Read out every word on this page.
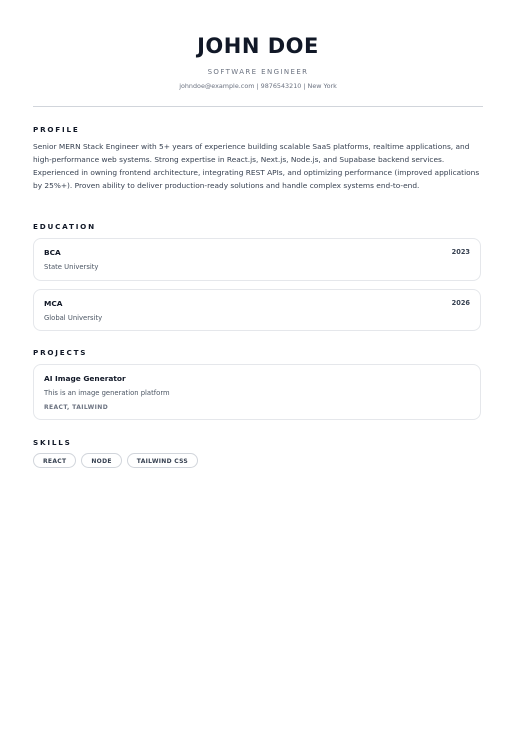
JOHN DOE
SOFTWARE ENGINEER
johndoe@example.com | 9876543210 | New York
PROFILE
Senior MERN Stack Engineer with 5+ years of experience building scalable SaaS platforms, realtime applications, and high-performance web systems. Strong expertise in React.js, Next.js, Node.js, and Supabase backend services. Experienced in owning frontend architecture, integrating REST APIs, and optimizing performance (improved applications by 25%+). Proven ability to deliver production-ready solutions and handle complex systems end-to-end.
EDUCATION
BCA	2023
State University
MCA	2026
Global University
PROJECTS
AI Image Generator
This is an image generation platform
REACT, TAILWIND
SKILLS
REACT	NODE	TAILWIND CSS
